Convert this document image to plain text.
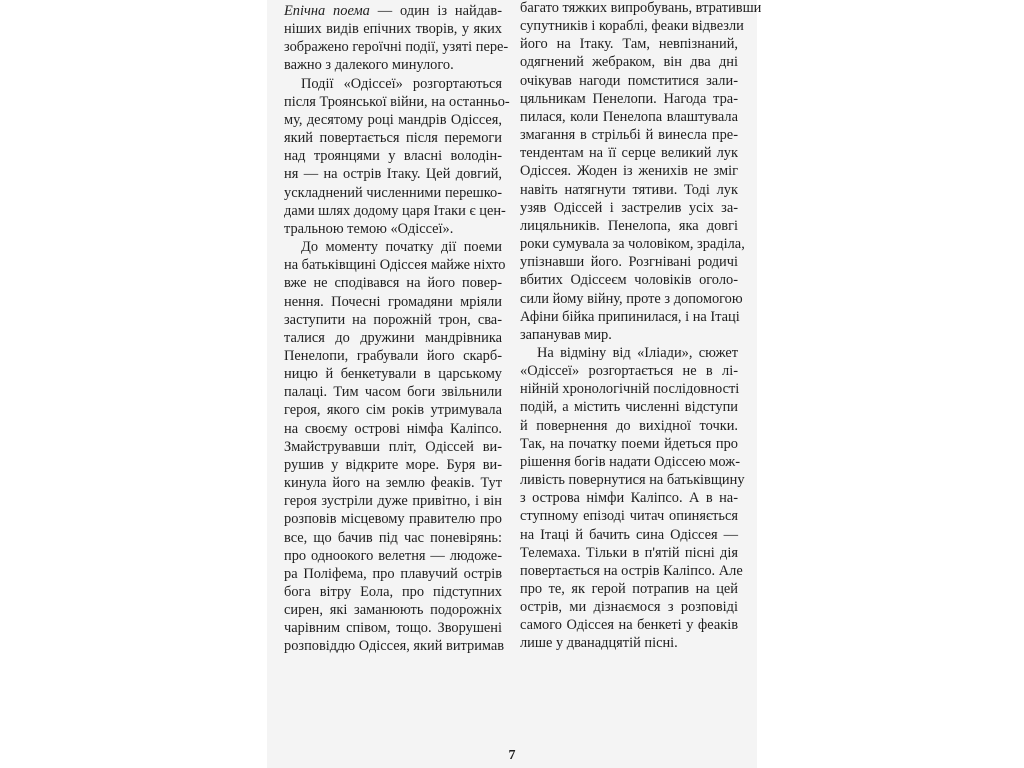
Епічна поема — один із найдав-
ніших видів епічних творів, у яких
зображено героїчні події, узяті пере-
важно з далекого минулого.
Події «Одіссеї» розгортаються
після Троянської війни, на останньо-
му, десятому році мандрів Одіссея,
який повертається після перемоги
над троянцями у власні володін-
ня — на острів Ітаку. Цей довгий,
ускладнений численними перешко-
дами шлях додому царя Ітаки є цен-
тральною темою «Одіссеї».
До моменту початку дії поеми
на батьківщині Одіссея майже ніхто
вже не сподівався на його повер-
нення. Почесні громадяни мріяли
заступити на порожній трон, сва-
талися до дружини мандрівника
Пенелопи, грабували його скарб-
ницю й бенкетували в царському
палаці. Тим часом боги звільнили
героя, якого сім років утримувала
на своєму острові німфа Каліпсо.
Змайструвавши пліт, Одіссей ви-
рушив у відкрите море. Буря ви-
кинула його на землю феаків. Тут
героя зустріли дуже привітно, і він
розповів місцевому правителю про
все, що бачив під час поневірянь:
про одноокого велетня — людоже-
ра Поліфема, про плавучий острів
бога вітру Еола, про підступних
сирен, які заманюють подорожніх
чарівним співом, тощо. Зворушені
розповіддю Одіссея, який витримав
багато тяжких випробувань, втративши
супутників і кораблі, феаки відвезли
його на Ітаку. Там, невпізнаний,
одягнений жебраком, він два дні
очікував нагоди помститися зали-
цяльникам Пенелопи. Нагода тра-
пилася, коли Пенелопа влаштувала
змагання в стрільбі й винесла пре-
тендентам на її серце великий лук
Одіссея. Жоден із женихів не зміг
навіть натягнути тятиви. Тоді лук
узяв Одіссей і застрелив усіх за-
лицяльників. Пенелопа, яка довгі
роки сумувала за чоловіком, зраділа,
упізнавши його. Розгнівані родичі
вбитих Одіссеєм чоловіків оголо-
сили йому війну, проте з допомогою
Афіни бійка припинилася, і на Ітаці
запанував мир.
На відміну від «Іліади», сюжет
«Одіссеї» розгортається не в лі-
нійній хронологічній послідовності
подій, а містить численні відступи
й повернення до вихідної точки.
Так, на початку поеми йдеться про
рішення богів надати Одіссею мож-
ливість повернутися на батьківщину
з острова німфи Каліпсо. А в на-
ступному епізоді читач опиняється
на Ітаці й бачить сина Одіссея —
Телемаха. Тільки в п'ятій пісні дія
повертається на острів Каліпсо. Але
про те, як герой потрапив на цей
острів, ми дізнаємося з розповіді
самого Одіссея на бенкеті у феаків
лише у дванадцятій пісні.
7
